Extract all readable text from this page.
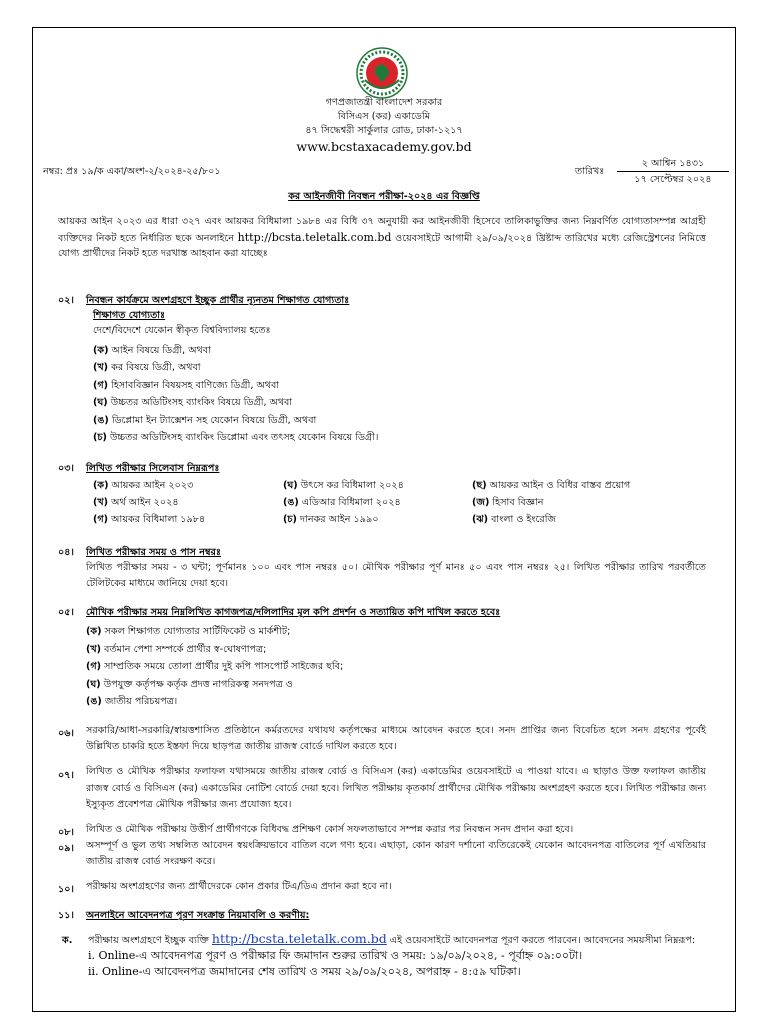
গণপ্রজাতন্ত্রী বাংলাদেশ সরকার
বিসিএস (কর) একাডেমি
৪৭ সিদ্ধেশ্বরী সার্কুলার রোড, ঢাকা-১২১৭
www.bcstaxacademy.gov.bd
নম্বর: প্রঃ ১৯/ক একা/অংশ-২/২০২৪-২৫/৮০১	তারিখঃ
২ আশ্বিন ১৪৩১
১৭ সেপ্টেম্বর ২০২৪
কর আইনজীবী নিবন্ধন পরীক্ষা-২০২৪ এর বিজ্ঞপ্তি
আয়কর আইন ২০২৩ এর ধারা ৩২৭ এবং আয়কর বিধিমালা ১৯৮৪ এর বিধি ৩৭ অনুযায়ী কর আইনজীবী হিসেবে তালিকাভুক্তির জন্য নিম্নবর্ণিত যোগ্যতাসম্পন্ন আগ্রহী ব্যক্তিদের নিকট হতে নির্ধারিত ছকে অনলাইনে http://bcsta.teletalk.com.bd ওয়েবসাইটে আগামী ২৯/০৯/২০২৪ খ্রিষ্টাব্দ তারিখের মধ্যে রেজিস্ট্রেশনের নিমিত্তে যোগ্য প্রার্থীদের নিকট হতে দরখাস্ত আহবান করা যাচ্ছেঃ
০২। নিবন্ধন কার্যক্রমে অংশগ্রহণে ইচ্ছুক প্রার্থীর ন্যূনতম শিক্ষাগত যোগ্যতাঃ
শিক্ষাগত যোগ্যতাঃ
দেশে/বিদেশে যেকোন স্বীকৃত বিশ্ববিদ্যালয় হতেঃ
(ক) আইন বিষয়ে ডিগ্রী, অথবা
(খ) কর বিষয়ে ডিগ্রী, অথবা
(গ) হিসাববিজ্ঞান বিষয়সহ বাণিজ্যে ডিগ্রী, অথবা
(ঘ) উচ্চতর অডিটিংসহ ব্যাংকিং বিষয়ে ডিগ্রী, অথবা
(ঙ) ডিপ্লোমা ইন ট্যাক্সেশন সহ যেকোন বিষয়ে ডিগ্রী, অথবা
(চ) উচ্চতর অডিটিংসহ ব্যাংকিং ডিপ্লোমা এবং তৎসহ যেকোন বিষয়ে ডিগ্রী।
০৩। লিখিত পরীক্ষার সিলেবাস নিম্নরূপঃ
(ক) আয়কর আইন ২০২৩
(খ) অর্থ আইন ২০২৪
(গ) আয়কর বিধিমালা ১৯৮৪
(ঘ) উৎসে কর বিধিমালা ২০২৪
(ঙ) এডিআর বিধিমালা ২০২৪
(চ) দানকর আইন ১৯৯০
(ছ) আয়কর আইন ও বিধির বাস্তব প্রয়োগ
(জ) হিসাব বিজ্ঞান
(ঝ) বাংলা ও ইংরেজি
০৪। লিখিত পরীক্ষার সময় ও পাস নম্বরঃ
লিখিত পরীক্ষার সময় - ৩ ঘন্টা; পূর্ণমানঃ ১০০ এবং পাস নম্বরঃ ৫০। মৌখিক পরীক্ষার পূর্ণ মানঃ ৫০ এবং পাস নম্বরঃ ২৫। লিখিত পরীক্ষার তারিখ পরবর্তীতে টেলিটকের মাধ্যমে জানিয়ে দেয়া হবে।
০৫। মৌখিক পরীক্ষার সময় নিম্নলিখিত কাগজপত্র/দলিলাদির মূল কপি প্রদর্শন ও সত্যায়িত কপি দাখিল করতে হবেঃ
(ক) সকল শিক্ষাগত যোগ্যতার সার্টিফিকেট ও মার্কশীট;
(খ) বর্তমান পেশা সম্পর্কে প্রার্থীর স্ব-ঘোষণাপত্র;
(গ) সাম্প্রতিক সময়ে তোলা প্রার্থীর দুই কপি পাসপোর্ট সাইজের ছবি;
(ঘ) উপযুক্ত কর্তৃপক্ষ কর্তৃক প্রদত্ত নাগরিকত্ব সনদপত্র ও
(ঙ) জাতীয় পরিচয়পত্র।
০৬। সরকারি/আধা-সরকারি/স্বায়ত্তশাসিত প্রতিষ্ঠানে কর্মরতদের যথাযথ কর্তৃপক্ষের মাধ্যমে আবেদন করতে হবে। সনদ প্রাপ্তির জন্য বিবেচিত হলে সনদ গ্রহণের পূর্বেই উল্লিখিত চাকরি হতে ইস্তফা দিয়ে ছাড়পত্র জাতীয় রাজস্ব বোর্ডে দাখিল করতে হবে।
০৭। লিখিত ও মৌখিক পরীক্ষার ফলাফল যথাসময়ে জাতীয় রাজস্ব বোর্ড ও বিসিএস (কর) একাডেমির ওয়েবসাইটে এ পাওয়া যাবে। এ ছাড়াও উক্ত ফলাফল জাতীয় রাজস্ব বোর্ড ও বিসিএস (কর) একাডেমির নোটিশ বোর্ডে দেয়া হবে। লিখিত পরীক্ষায় কৃতকার্য প্রার্থীদের মৌখিক পরীক্ষায় অংশগ্রহণ করতে হবে। লিখিত পরীক্ষার জন্য ইস্যুকৃত প্রবেশপত্র মৌখিক পরীক্ষার জন্য প্রযোজ্য হবে।
০৮। লিখিত ও মৌখিক পরীক্ষায় উত্তীর্ণ প্রার্থীগণকে বিধিবদ্ধ প্রশিক্ষণ কোর্স সফলতাভাবে সম্পন্ন করার পর নিবন্ধন সনদ প্রদান করা হবে।
০৯। অসম্পূর্ণ ও ভুল তথ্য সম্বলিত আবেদন স্বয়ংক্রিয়ভাবে বাতিল বলে গণ্য হবে। এছাড়া, কোন কারণ দর্শানো ব্যতিরেকেই যেকোন আবেদনপত্র বাতিলের পূর্ণ এখতিয়ার জাতীয় রাজস্ব বোর্ড সংরক্ষণ করে।
১০। পরীক্ষায় অংশগ্রহণের জন্য প্রার্থীদেরকে কোন প্রকার টিএ/ডিএ প্রদান করা হবে না।
১১। অনলাইনে আবেদনপত্র পূরণ সংক্রান্ত নিয়মাবলি ও করণীয়:
ক. পরীক্ষায় অংশগ্রহণে ইচ্ছুক ব্যক্তি http://bcsta.teletalk.com.bd এই ওয়েবসাইটে আবেদনপত্র পূরণ করতে পারবেন। আবেদনের সময়সীমা নিম্নরূপ:
i. Online-এ আবেদনপত্র পূরণ ও পরীক্ষার ফি জমাদান শুরুর তারিখ ও সময়: ১৯/০৯/২০২৪, - পূর্বাহ্ন ০৯:০০টা।
ii. Online-এ আবেদনপত্র জমাদানের শেষ তারিখ ও সময় ২৯/০৯/২০২৪, অপরাহ্ন - ৪:৫৯ ঘটিকা।
